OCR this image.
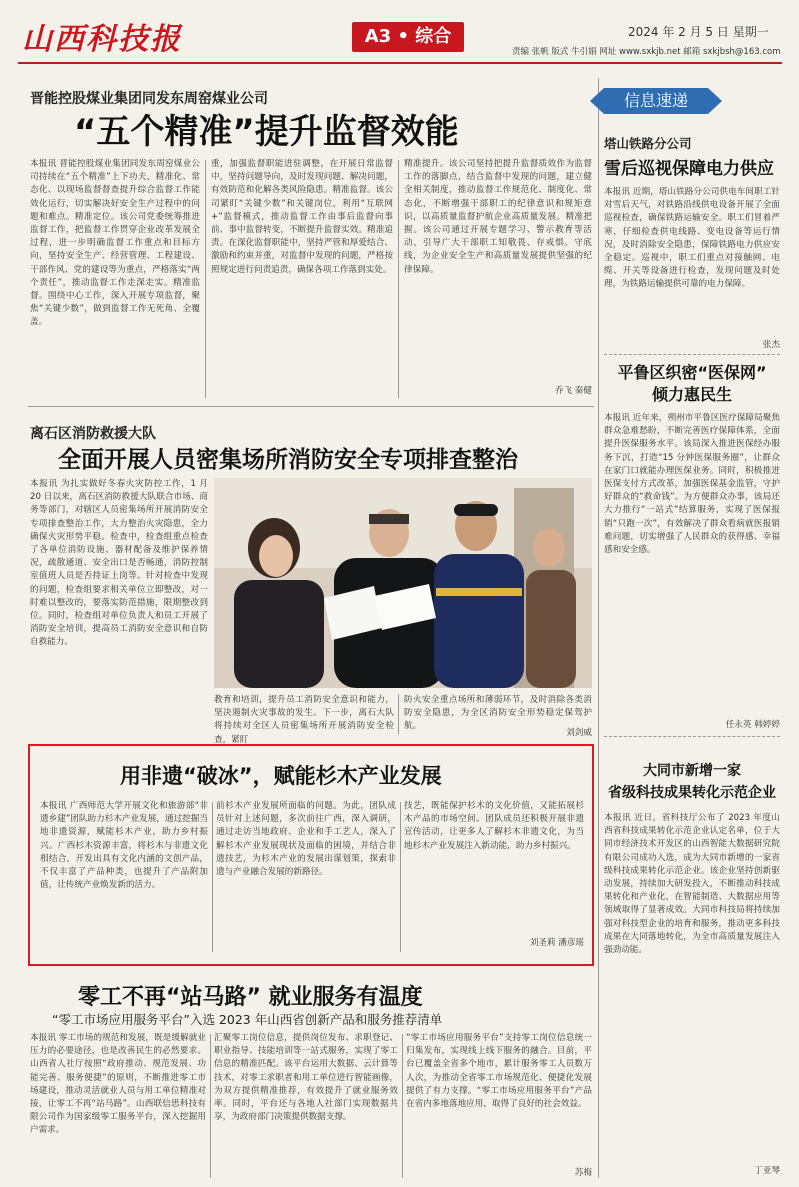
山西科技报	A3 • 综合	2024 年 2 月 5 日 星期一
责编 张帆 版式 牛引娟 网址 www.sxkjb.net 邮箱 sxkjbsh@163.com
晋能控股煤业集团同发东周窑煤业公司
“五个精准”提升监督效能
本报讯 晋能控股煤业集团同发东周窑煤业公司持续在“五个精准”上下功夫，精准化、常态化、以现场监督督查提升综合监督工作能效化运行，切实解决好安全生产过程中的问题和难点。精准定位。该公司党委统筹推进监督工作，把监督工作贯穿企业改革发展全过程，进一步明确监督工作重点和目标方向，坚持安全生产、经营管理、工程建设、干部作风、党的建设等为重点，严格落实“两个责任”，推动监督工作走深走实。精准监督。围绕中心工作，深入开展专项监督，聚焦“关键少数”，做到监督工作无死角、全覆盖。
重，加强监督职能进驻调整，在开展日常监督中，坚持问题导向，及时发现问题、解决问题，有效防范和化解各类风险隐患。精准监督。该公司紧盯“关键少数”和关键岗位，利用“互联网+”监督模式，推动监督工作由事后监督向事前、事中监督转变，不断提升监督实效。精准追责。在深化监督职能中，坚持严管和厚爱结合、激励和约束并重，对监督中发现的问题，严格按照规定进行问责追责，确保各项工作落到实处。
精准提升。该公司坚持把提升监督质效作为监督工作的落脚点，结合监督中发现的问题，建立健全相关制度，推动监督工作规范化、制度化、常态化，不断增强干部职工的纪律意识和规矩意识，以高质量监督护航企业高质量发展。精准把握。该公司通过开展专题学习、警示教育等活动，引导广大干部职工知敬畏、存戒惧、守底线，为企业安全生产和高质量发展提供坚强的纪律保障。
乔飞 秦健
离石区消防救援大队
全面开展人员密集场所消防安全专项排查整治
本报讯 为扎实做好冬春火灾防控工作，1 月 20 日以来，离石区消防救援大队联合市场、商务等部门，对辖区人员密集场所开展消防安全专项排查整治工作，大力整治火灾隐患，全力确保火灾形势平稳。检查中，检查组重点检查了各单位消防设施、器材配备及维护保养情况，疏散通道、安全出口是否畅通，消防控制室值班人员是否持证上岗等。针对检查中发现的问题，检查组要求相关单位立即整改，对一时难以整改的，要落实防范措施，限期整改到位。同时，检查组对单位负责人和员工开展了消防安全培训，提高员工消防安全意识和自防自救能力。
教育和培训，提升员工消防安全意识和能力，坚决遏制火灾事故的发生。下一步，离石大队将持续对全区人员密集场所开展消防安全检查，紧盯
防火安全重点场所和薄弱环节，及时消除各类消防安全隐患，为全区消防安全形势稳定保驾护航。
刘剑威
用非遗“破冰”，赋能杉木产业发展
本报讯 广西师范大学开展文化和旅游部“非遗乡建”团队助力杉木产业发展，通过挖掘当地非遗资源，赋能杉木产业，助力乡村振兴。广西杉木资源丰富，将杉木与非遗文化相结合，开发出具有文化内涵的文创产品，不仅丰富了产品种类，也提升了产品附加值，让传统产业焕发新的活力。
前杉木产业发展所面临的问题。为此，团队成员针对上述问题，多次前往广西，深入调研，通过走访当地政府、企业和手工艺人，深入了解杉木产业发展现状及面临的困境，并结合非遗技艺，为杉木产业的发展出谋划策，探索非遗与产业融合发展的新路径。
技艺，既能保护杉木的文化价值，又能拓展杉木产品的市场空间。团队成员还积极开展非遗宣传活动，让更多人了解杉木非遗文化，为当地杉木产业发展注入新动能，助力乡村振兴。
刘圣莉 潘彦瑶
零工不再“站马路” 就业服务有温度
“零工市场应用服务平台”入选 2023 年山西省创新产品和服务推荐清单
本报讯 零工市场的规范和发展，既是缓解就业压力的必要途径，也是改善民生的必然要求。山西省人社厅按照“政府推动、规范发展、功能完善、服务便捷”的原则，不断推进零工市场建设，推动灵活就业人员与用工单位精准对接，让零工不再“站马路”。山西联信思科技有限公司作为国家级零工服务平台，深入挖掘用户需求。
汇聚零工岗位信息，提供岗位发布、求职登记、职业指导、技能培训等一站式服务，实现了零工信息的精准匹配。该平台运用大数据、云计算等技术，对零工求职者和用工单位进行智能画像，为双方提供精准推荐，有效提升了就业服务效率。同时，平台还与各地人社部门实现数据共享，为政府部门决策提供数据支撑。
“零工市场应用服务平台”支持零工岗位信息统一归集发布，实现线上线下服务的融合。目前，平台已覆盖全省多个地市，累计服务零工人员数万人次，为推动全省零工市场规范化、便捷化发展提供了有力支撑。“零工市场应用服务平台”产品在省内多地落地应用，取得了良好的社会效益。
苏梅
信息速递
塔山铁路分公司
雪后巡视保障电力供应
本报讯 近期，塔山铁路分公司供电车间职工针对雪后天气，对铁路沿线供电设备开展了全面巡视检查，确保铁路运输安全。职工们冒着严寒，仔细检查供电线路、变电设备等运行情况，及时消除安全隐患，保障铁路电力供应安全稳定。巡视中，职工们重点对接触网、电缆、开关等设备进行检查，发现问题及时处理，为铁路运输提供可靠的电力保障。
张杰
平鲁区织密“医保网”
倾力惠民生
本报讯 近年来，朔州市平鲁区医疗保障局聚焦群众急难愁盼，不断完善医疗保障体系，全面提升医保服务水平。该局深入推进医保经办服务下沉，打造“15 分钟医保服务圈”，让群众在家门口就能办理医保业务。同时，积极推进医保支付方式改革，加强医保基金监管，守护好群众的“救命钱”。为方便群众办事，该局还大力推行“一站式”结算服务，实现了医保报销“只跑一次”，有效解决了群众看病就医报销难问题，切实增强了人民群众的获得感、幸福感和安全感。
任永英 韩婷婷
大同市新增一家
省级科技成果转化示范企业
本报讯 近日，省科技厅公布了 2023 年度山西省科技成果转化示范企业认定名单，位于大同市经济技术开发区的山西智能大数据研究院有限公司成功入选，成为大同市新增的一家省级科技成果转化示范企业。该企业坚持创新驱动发展，持续加大研发投入，不断推动科技成果转化和产业化，在智能制造、大数据应用等领域取得了显著成效。大同市科技局将持续加强对科技型企业的培育和服务，推动更多科技成果在大同落地转化，为全市高质量发展注入强劲动能。
丁亚琴
